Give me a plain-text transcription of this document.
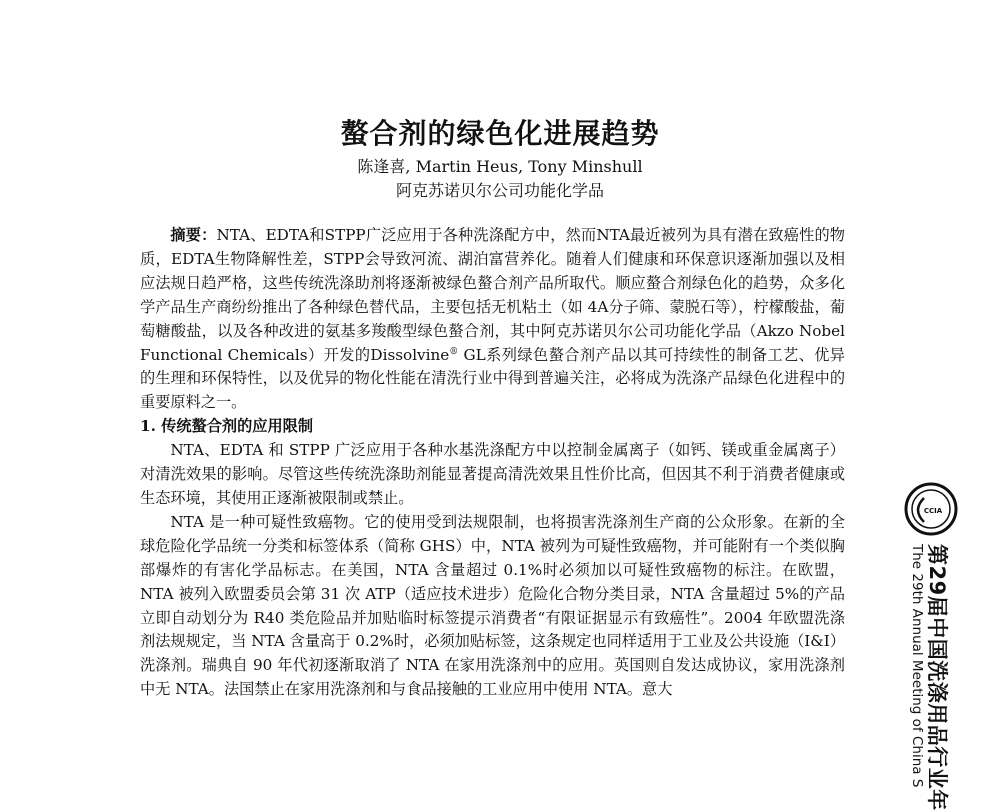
螯合剂的绿色化进展趋势
陈逢喜, Martin Heus, Tony Minshull
阿克苏诺贝尔公司功能化学品

摘要：NTA、EDTA和STPP广泛应用于各种洗涤配方中，然而NTA最近被列为具有潜在致癌性的物质，EDTA生物降解性差，STPP会导致河流、湖泊富营养化。随着人们健康和环保意识逐渐加强以及相应法规日趋严格，这些传统洗涤助剂将逐渐被绿色螯合剂产品所取代。顺应螯合剂绿色化的趋势，众多化学产品生产商纷纷推出了各种绿色替代品，主要包括无机粘土（如 4A分子筛、蒙脱石等），柠檬酸盐，葡萄糖酸盐，以及各种改进的氨基多羧酸型绿色螯合剂，其中阿克苏诺贝尔公司功能化学品（Akzo Nobel Functional Chemicals）开发的Dissolvine® GL系列绿色螯合剂产品以其可持续性的制备工艺、优异的生理和环保特性，以及优异的物化性能在清洗行业中得到普遍关注，必将成为洗涤产品绿色化进程中的重要原料之一。

1. 传统螯合剂的应用限制

NTA、EDTA 和 STPP 广泛应用于各种水基洗涤配方中以控制金属离子（如钙、镁或重金属离子）对清洗效果的影响。尽管这些传统洗涤助剂能显著提高清洗效果且性价比高，但因其不利于消费者健康或生态环境，其使用正逐渐被限制或禁止。

NTA 是一种可疑性致癌物。它的使用受到法规限制，也将损害洗涤剂生产商的公众形象。在新的全球危险化学品统一分类和标签体系（简称 GHS）中，NTA 被列为可疑性致癌物，并可能附有一个类似胸部爆炸的有害化学品标志。在美国，NTA 含量超过 0.1%时必须加以可疑性致癌物的标注。在欧盟，NTA 被列入欧盟委员会第 31 次 ATP（适应技术进步）危险化合物分类目录，NTA 含量超过 5%的产品立即自动划分为 R40 类危险品并加贴临时标签提示消费者“有限证据显示有致癌性”。2004 年欧盟洗涤剂法规规定，当 NTA 含量高于 0.2%时，必须加贴标签，这条规定也同样适用于工业及公共设施（I&I）洗涤剂。瑞典自 90 年代初逐渐取消了 NTA 在家用洗涤剂中的应用。英国则自发达成协议，家用洗涤剂中无 NTA。法国禁止在家用洗涤剂和与食品接触的工业应用中使用 NTA。意大

CCIA
第29届中国洗涤用品行业年
The 29th Annual Meeting of China S
